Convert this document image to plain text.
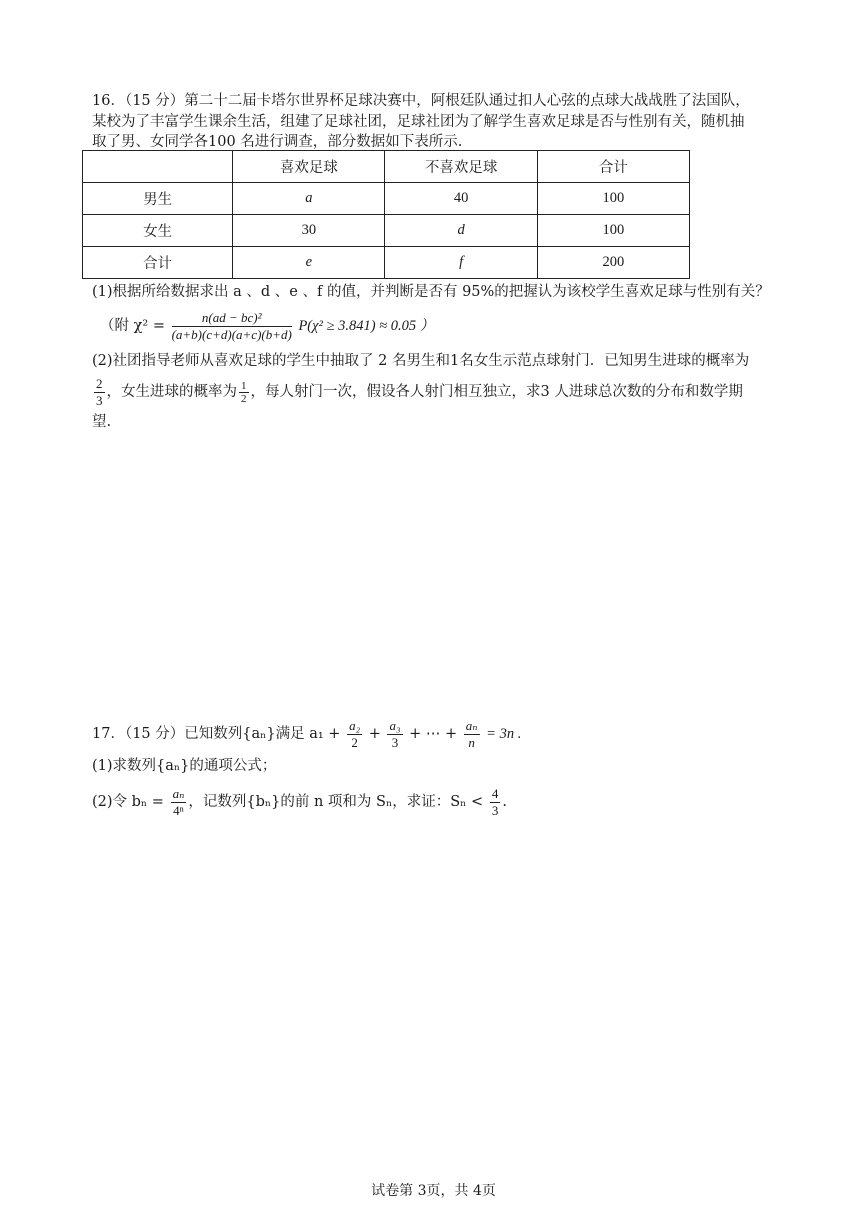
16．（15 分）第二十二届卡塔尔世界杯足球决赛中，阿根廷队通过扣人心弦的点球大战战胜了法国队，
某校为了丰富学生课余生活，组建了足球社团，足球社团为了解学生喜欢足球是否与性别有关，随机抽
取了男、女同学各100 名进行调查，部分数据如下表所示.
	喜欢足球	不喜欢足球	合计
男生	a	40	100
女生	30	d	100
合计	e	f	200
(1)根据所给数据求出 a 、d 、e 、f 的值，并判断是否有 95%的把握认为该校学生喜欢足球与性别有关？
（附 $\chi^2 = \frac{\text{n(ad − bc)²}}{(a+b)(c+d)(a+c)(b+d)} P(\chi^2 \ge 3.841) \approx 0.05$ ）
(2)社团指导老师从喜欢足球的学生中抽取了 2 名男生和1名女生示范点球射门．已知男生进球的概率为
$\frac{2}{3}$ ，女生进球的概率为 $\frac{1}{2}$ ，每人射门一次，假设各人射门相互独立，求3 人进球总次数的分布和数学期
望.
17．（15 分）已知数列{aₙ}满足 $a_1 + \frac{\text{a₂}}{2} + \frac{\text{a₃}}{3}$ + ⋯ + $\frac{\text{aₙ}}{n} = 3n$ .
(1)求数列{aₙ}的通项公式；
(2)令 $b_n = \frac{\text{aₙ}}{\text{4ⁿ}}$ ，记数列{bₙ}的前 n 项和为 Sₙ，求证：$S_n < \frac{4}{3}$ .
试卷第 3页，共 4页
